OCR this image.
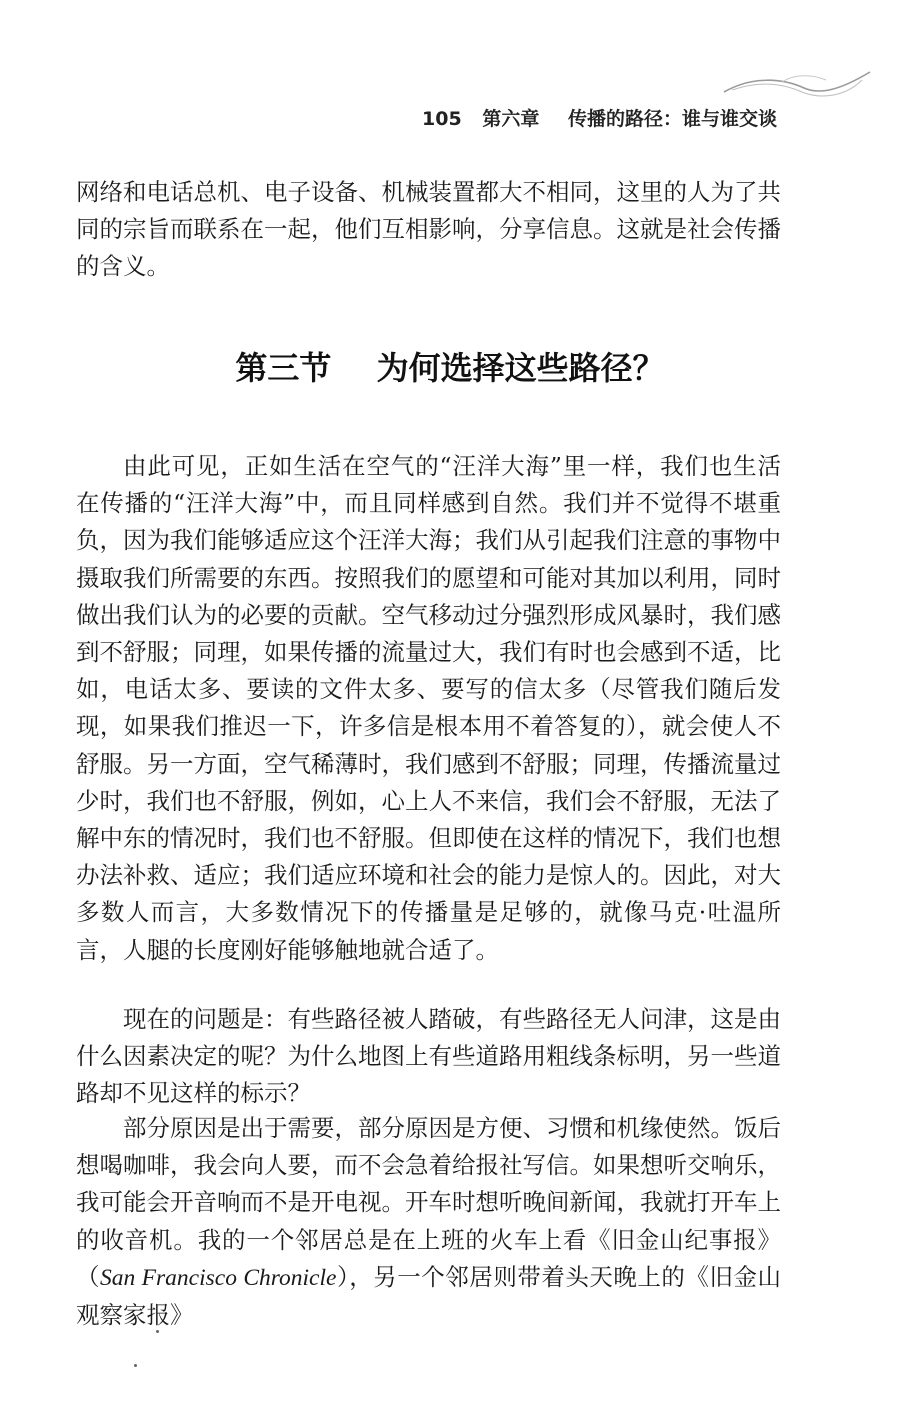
105 第六章 传播的路径：谁与谁交谈

网络和电话总机、电子设备、机械装置都大不相同，这里的人为了共同的宗旨而联系在一起，他们互相影响，分享信息。这就是社会传播的含义。

第三节 为何选择这些路径？

由此可见，正如生活在空气的“汪洋大海”里一样，我们也生活在传播的“汪洋大海”中，而且同样感到自然。我们并不觉得不堪重负，因为我们能够适应这个汪洋大海；我们从引起我们注意的事物中摄取我们所需要的东西。按照我们的愿望和可能对其加以利用，同时做出我们认为的必要的贡献。空气移动过分强烈形成风暴时，我们感到不舒服；同理，如果传播的流量过大，我们有时也会感到不适，比如，电话太多、要读的文件太多、要写的信太多（尽管我们随后发现，如果我们推迟一下，许多信是根本用不着答复的），就会使人不舒服。另一方面，空气稀薄时，我们感到不舒服；同理，传播流量过少时，我们也不舒服，例如，心上人不来信，我们会不舒服，无法了解中东的情况时，我们也不舒服。但即使在这样的情况下，我们也想办法补救、适应；我们适应环境和社会的能力是惊人的。因此，对大多数人而言，大多数情况下的传播量是足够的，就像马克·吐温所言，人腿的长度刚好能够触地就合适了。

现在的问题是：有些路径被人踏破，有些路径无人问津，这是由什么因素决定的呢？为什么地图上有些道路用粗线条标明，另一些道路却不见这样的标示？

部分原因是出于需要，部分原因是方便、习惯和机缘使然。饭后想喝咖啡，我会向人要，而不会急着给报社写信。如果想听交响乐，我可能会开音响而不是开电视。开车时想听晚间新闻，我就打开车上的收音机。我的一个邻居总是在上班的火车上看《旧金山纪事报》（San Francisco Chronicle），另一个邻居则带着头天晚上的《旧金山观察家报》
